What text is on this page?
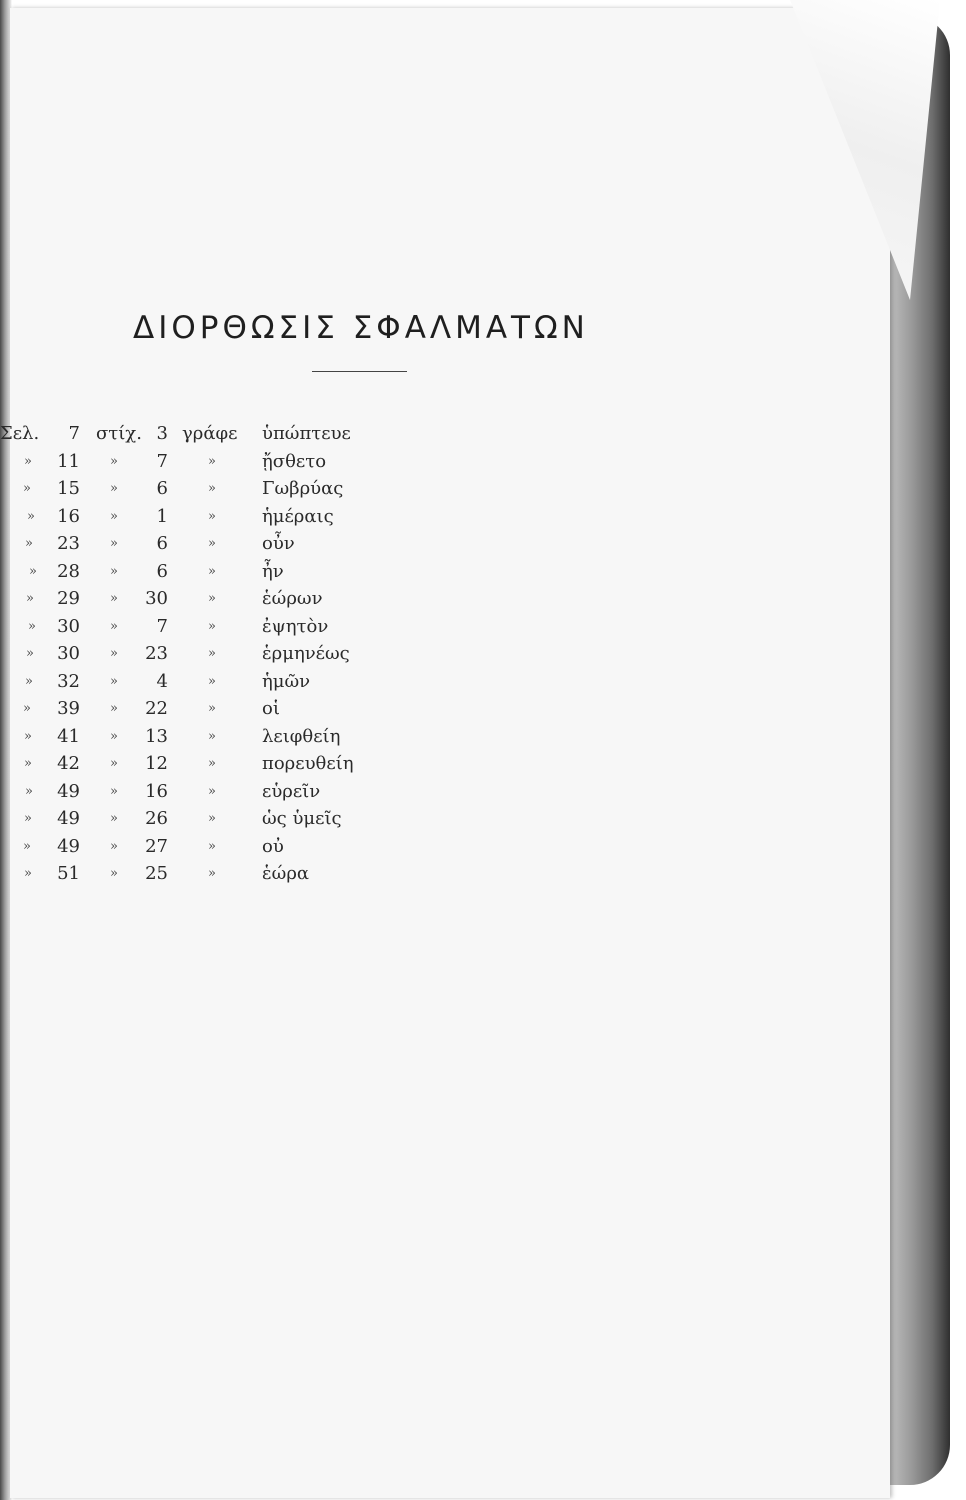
ΔΙΟΡΘΩΣΙΣ ΣΦΑΛΜΑΤΩΝ
Σελ.	7 στίχ. 3 γράφε ὑπώπτευε
» 11 »	7	»	ᾔσθετο
» 15 »	6	»	Γωβρύας
» 16 »	1	»	ἡμέραις
» 23 »	6	»	οὖν
» 28 »	6	»	ἦν
» 29 » 30	»	ἑώρων
» 30 »	7	»	ἐψητὸν
» 30 » 23	»	ἑρμηνέως
» 32 »	4	»	ἡμῶν
» 39 » 22	»	οἱ
» 41 » 13	»	λειφθείη
» 42 » 12	»	πορευθείη
» 49 » 16	»	εὑρεῖν
» 49 » 26	»	ὡς ὑμεῖς
» 49 » 27	»	οὐ
» 51 » 25	»	ἑώρα
